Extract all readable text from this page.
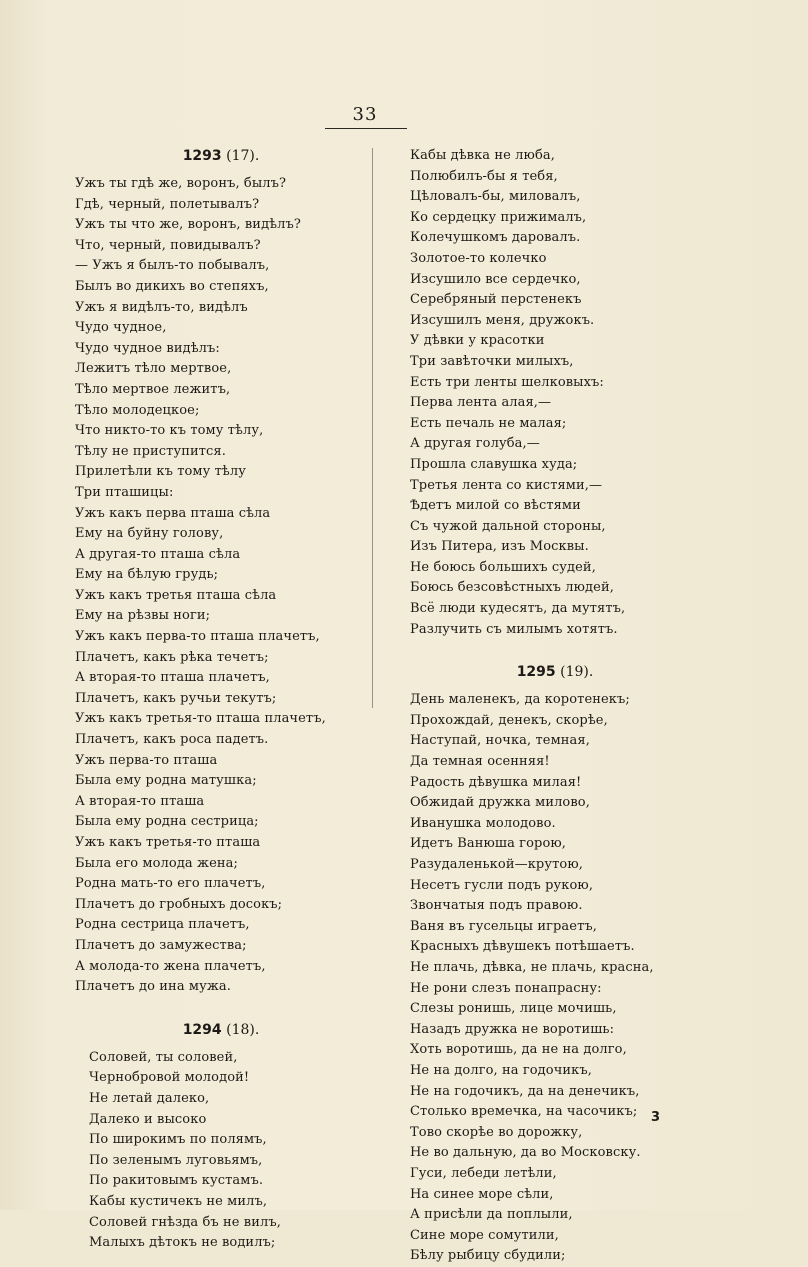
33
1293 (17).
Ужъ ты гдѣ же, воронъ, былъ?
Гдѣ, черный, полетывалъ?
Ужъ ты что же, воронъ, видѣлъ?
Что, черный, повидывалъ?
— Ужъ я былъ-то побывалъ,
Былъ во дикихъ во степяхъ,
Ужъ я видѣлъ-то, видѣлъ
Чудо чудное,
Чудо чудное видѣлъ:
Лежитъ тѣло мертвое,
Тѣло мертвое лежитъ,
Тѣло молодецкое;
Что никто-то къ тому тѣлу,
Тѣлу не приступится.
Прилетѣли къ тому тѣлу
Три пташицы:
Ужъ какъ перва пташа сѣла
Ему на буйну голову,
А другая-то пташа сѣла
Ему на бѣлую грудь;
Ужъ какъ третья пташа сѣла
Ему на рѣзвы ноги;
Ужъ какъ перва-то пташа плачетъ,
Плачетъ, какъ рѣка течетъ;
А вторая-то пташа плачетъ,
Плачетъ, какъ ручьи текутъ;
Ужъ какъ третья-то пташа плачетъ,
Плачетъ, какъ роса падетъ.
Ужъ перва-то пташа
Была ему родна матушка;
А вторая-то пташа
Была ему родна сестрица;
Ужъ какъ третья-то пташа
Была его молода жена;
Родна мать-то его плачетъ,
Плачетъ до гробныхъ досокъ;
Родна сестрица плачетъ,
Плачетъ до замужества;
А молода-то жена плачетъ,
Плачетъ до ина мужа.
1294 (18).
Соловей, ты соловей,
Чернобровой молодой!
Не летай далеко,
Далеко и высоко
По широкимъ по полямъ,
По зеленымъ луговьямъ,
По ракитовымъ кустамъ.
Кабы кустичекъ не милъ,
Соловей гнѣзда бъ не вилъ,
Малыхъ дѣтокъ не водилъ;
Кабы дѣвка не люба,
Полюбилъ-бы я тебя,
Цѣловалъ-бы, миловалъ,
Ко сердецку прижималъ,
Колечушкомъ даровалъ.
Золотое-то колечко
Изсушило все сердечко,
Серебряный перстенекъ
Изсушилъ меня, дружокъ.
У дѣвки у красотки
Три завѣточки милыхъ,
Есть три ленты шелковыхъ:
Перва лента алая,—
Есть печаль не малая;
А другая голуба,—
Прошла славушка худа;
Третья лента со кистями,—
Ѣдетъ милой со вѣстями
Съ чужой дальной стороны,
Изъ Питера, изъ Москвы.
Не боюсь большихъ судей,
Боюсь безсовѣстныхъ людей,
Всё люди кудесятъ, да мутятъ,
Разлучить съ милымъ хотятъ.
1295 (19).
День маленекъ, да коротенекъ;
Прохождай, денекъ, скорѣе,
Наступай, ночка, темная,
Да темная осенняя!
Радость дѣвушка милая!
Обжидай дружка милово,
Иванушка молодово.
Идетъ Ванюша горою,
Разудаленькой—крутою,
Несетъ гусли подъ рукою,
Звончатыя подъ правою.
Ваня въ гусельцы играетъ,
Красныхъ дѣвушекъ потѣшаетъ.
Не плачь, дѣвка, не плачь, красна,
Не рони слезъ понапрасну:
Слезы ронишь, лице мочишь,
Назадъ дружка не воротишь:
Хоть воротишь, да не на долго,
Не на долго, на годочикъ,
Не на годочикъ, да на денечикъ,
Столько времечка, на часочикъ;
Тово скорѣе во дорожку,
Не во дальную, да во Московску.
Гуси, лебеди летѣли,
На синее море сѣли,
А присѣли да поплыли,
Сине море сомутили,
Бѣлу рыбицу сбудили;
3
